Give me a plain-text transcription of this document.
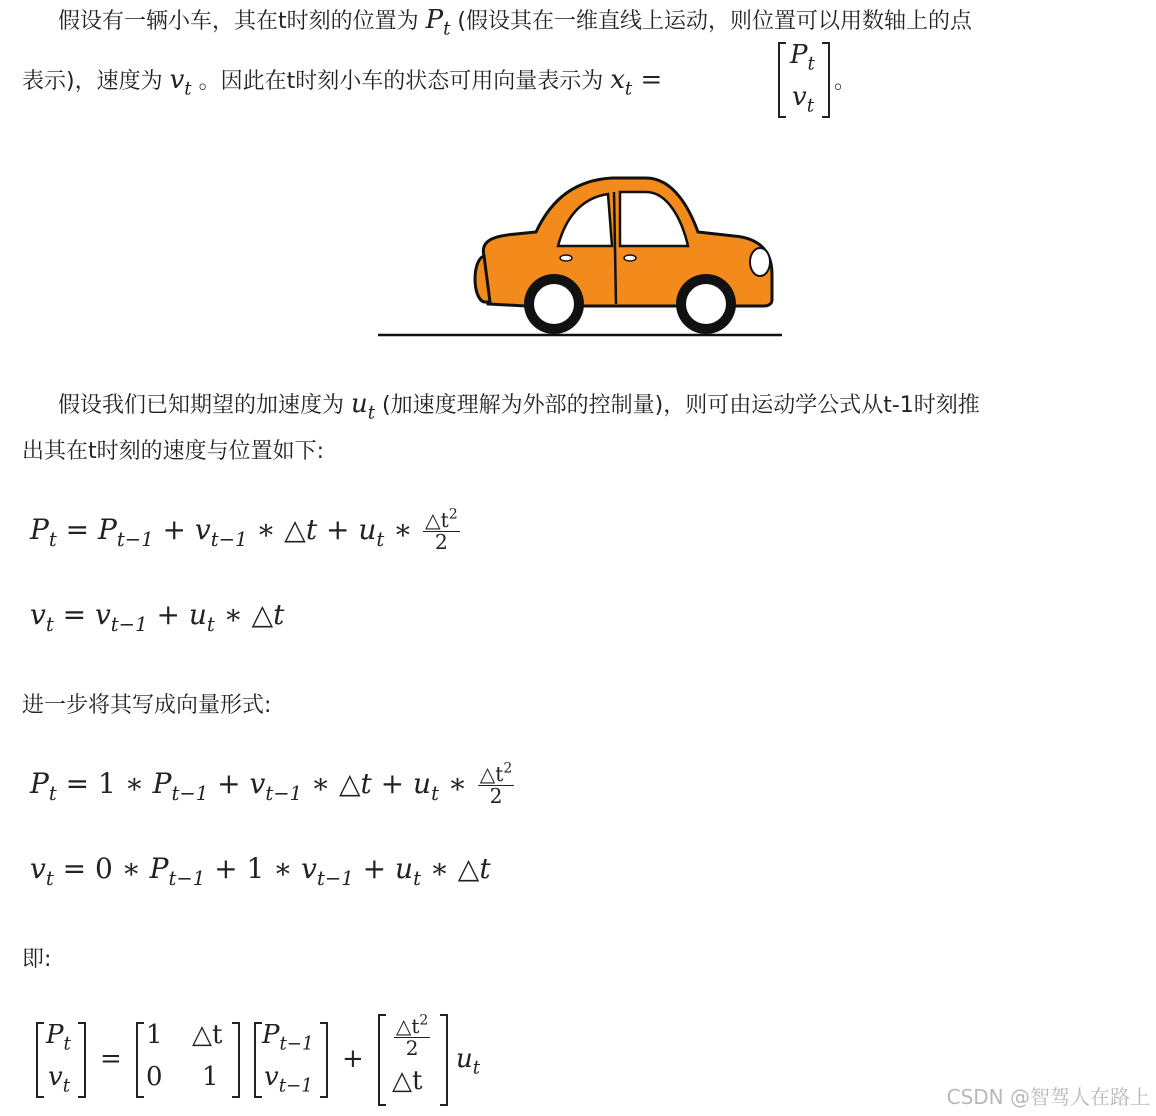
假设有一辆小车，其在t时刻的位置为 $P_t$ (假设其在一维直线上运动，则位置可以用数轴上的点
表示)，速度为 $v_t$ 。因此在t时刻小车的状态可用向量表示为 $x_t$ =
$P_t$
$v_t$
。
假设我们已知期望的加速度为 $u_t$ (加速度理解为外部的控制量)，则可由运动学公式从t-1时刻推
出其在t时刻的速度与位置如下:
$P_t = P_{t-1} + v_{t-1}$ ∗ △t + $u_t$ ∗ $\frac{\triangle t^2}{2}$
$v_t = v_{t-1} + u_t$ ∗ △t
进一步将其写成向量形式:
$P_t = 1$ ∗ $P_{t-1} + v_{t-1}$ ∗ △t + $u_t$ ∗ $\frac{\triangle t^2}{2}$
$v_t = 0$ ∗ $P_{t-1} + 1$ ∗ $v_{t-1} + u_t$ ∗ △t
即:
$P_t$
$v_t$
=
1 △t
0 1
$P_{t-1}$
$v_{t-1}$
+ $\frac{\triangle t^2}{2}$
△t
$u_t$
CSDN @智驾人在路上
